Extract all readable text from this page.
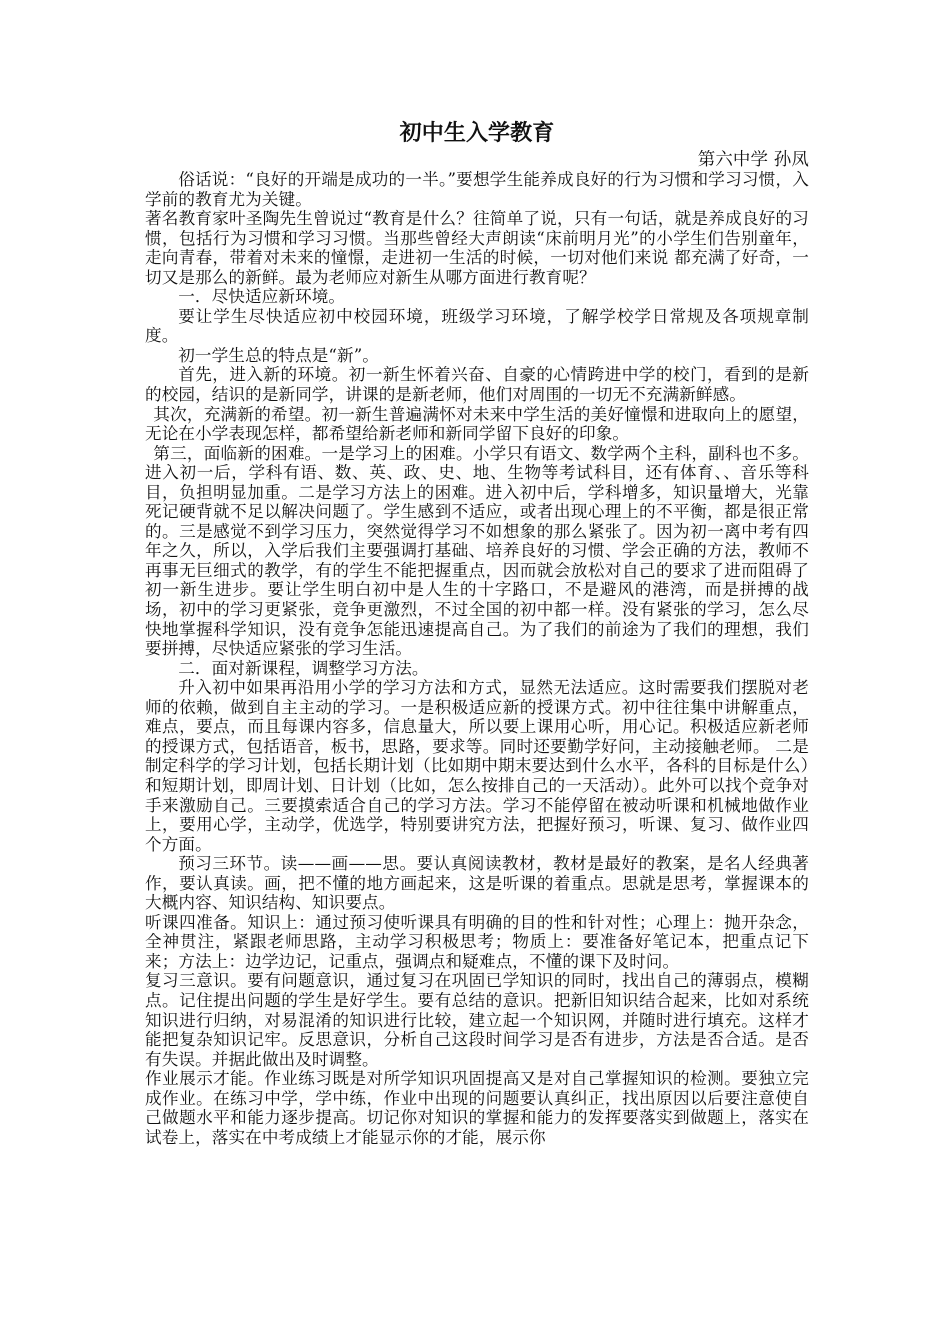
初中生入学教育
第六中学 孙凤

俗话说：“良好的开端是成功的一半。”要想学生能养成良好的行为习惯和学习习惯，入学前的教育尤为关键。

著名教育家叶圣陶先生曾说过“教育是什么？往简单了说，只有一句话，就是养成良好的习惯，包括行为习惯和学习习惯。当那些曾经大声朗读“床前明月光”的小学生们告别童年，走向青春，带着对未来的憧憬，走进初一生活的时候，一切对他们来说 都充满了好奇，一切又是那么的新鲜。最为老师应对新生从哪方面进行教育呢？

一．尽快适应新环境。

要让学生尽快适应初中校园环境，班级学习环境，了解学校学日常规及各项规章制度。

初一学生总的特点是“新”。

首先，进入新的环境。初一新生怀着兴奋、自豪的心情跨进中学的校门，看到的是新的校园，结识的是新同学，讲课的是新老师，他们对周围的一切无不充满新鲜感。

其次，充满新的希望。初一新生普遍满怀对未来中学生活的美好憧憬和进取向上的愿望，无论在小学表现怎样，都希望给新老师和新同学留下良好的印象。

第三，面临新的困难。一是学习上的困难。小学只有语文、数学两个主科，副科也不多。进入初一后，学科有语、数、英、政、史、地、生物等考试科目，还有体育、、音乐等科目，负担明显加重。二是学习方法上的困难。进入初中后，学科增多，知识量增大，光靠死记硬背就不足以解决问题了。学生感到不适应，或者出现心理上的不平衡，都是很正常的。三是感觉不到学习压力，突然觉得学习不如想象的那么紧张了。因为初一离中考有四年之久，所以，入学后我们主要强调打基础、培养良好的习惯、学会正确的方法，教师不再事无巨细式的教学，有的学生不能把握重点，因而就会放松对自己的要求了进而阻碍了初一新生进步。要让学生明白初中是人生的十字路口，不是避风的港湾，而是拼搏的战场，初中的学习更紧张，竞争更激烈，不过全国的初中都一样。没有紧张的学习，怎么尽快地掌握科学知识，没有竞争怎能迅速提高自己。为了我们的前途为了我们的理想，我们要拼搏，尽快适应紧张的学习生活。

二．面对新课程，调整学习方法。

升入初中如果再沿用小学的学习方法和方式，显然无法适应。这时需要我们摆脱对老师的依赖，做到自主主动的学习。一是积极适应新的授课方式。初中往往集中讲解重点，难点，要点，而且每课内容多，信息量大，所以要上课用心听，用心记。积极适应新老师的授课方式，包括语音，板书，思路，要求等。同时还要勤学好问，主动接触老师。 二是制定科学的学习计划，包括长期计划（比如期中期末要达到什么水平，各科的目标是什么）和短期计划，即周计划、日计划（比如，怎么按排自己的一天活动）。此外可以找个竞争对手来激励自己。三要摸索适合自己的学习方法。学习不能停留在被动听课和机械地做作业上，要用心学，主动学，优选学，特别要讲究方法，把握好预习，听课、复习、做作业四个方面。

预习三环节。读——画——思。要认真阅读教材，教材是最好的教案，是名人经典著作，要认真读。画，把不懂的地方画起来，这是听课的着重点。思就是思考，掌握课本的大概内容、知识结构、知识要点。

听课四准备。知识上：通过预习使听课具有明确的目的性和针对性；心理上：抛开杂念，全神贯注，紧跟老师思路，主动学习积极思考；物质上：要准备好笔记本，把重点记下来；方法上：边学边记，记重点，强调点和疑难点，不懂的课下及时问。

复习三意识。要有问题意识，通过复习在巩固已学知识的同时，找出自己的薄弱点，模糊点。记住提出问题的学生是好学生。要有总结的意识。把新旧知识结合起来，比如对系统知识进行归纳，对易混淆的知识进行比较，建立起一个知识网，并随时进行填充。这样才能把复杂知识记牢。反思意识，分析自己这段时间学习是否有进步，方法是否合适。是否有失误。并据此做出及时调整。

作业展示才能。作业练习既是对所学知识巩固提高又是对自己掌握知识的检测。要独立完成作业。在练习中学，学中练，作业中出现的问题要认真纠正，找出原因以后要注意使自己做题水平和能力逐步提高。切记你对知识的掌握和能力的发挥要落实到做题上，落实在试卷上，落实在中考成绩上才能显示你的才能，展示你
